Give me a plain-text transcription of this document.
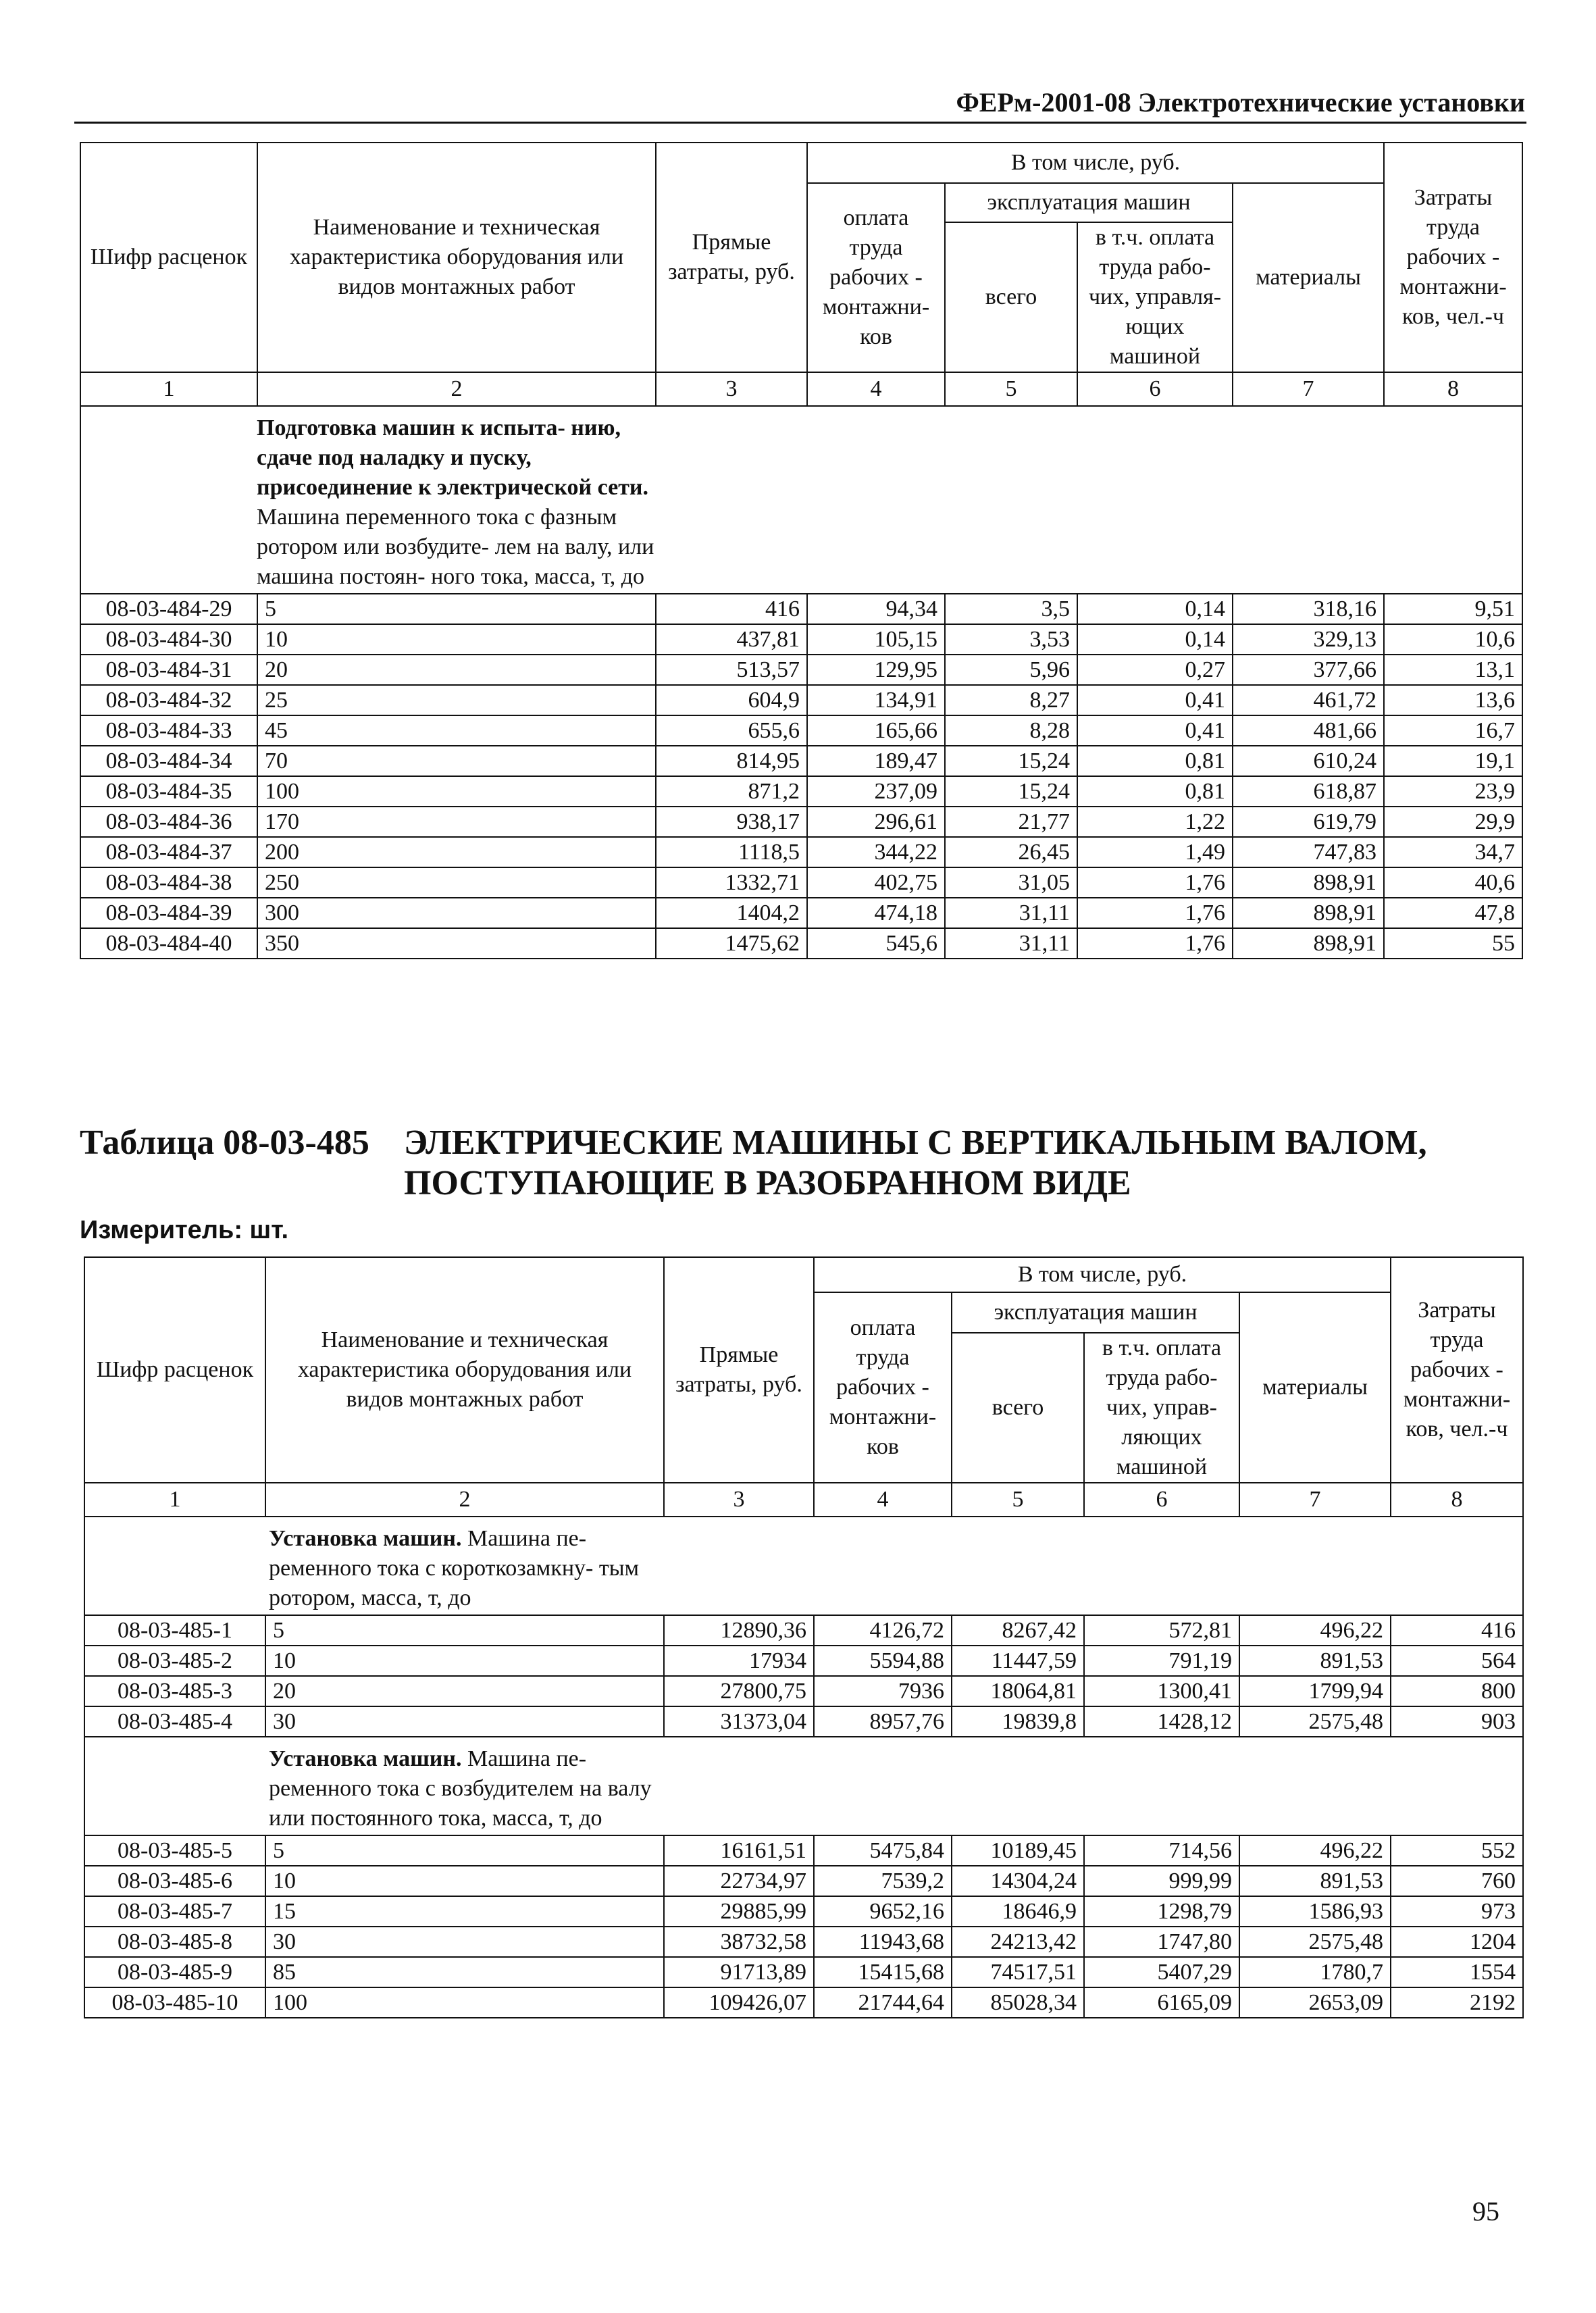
ФЕРм-2001-08 Электротехнические установки
Шифр расценок	Наименование и техническая характеристика оборудования или видов монтажных работ	Прямые затраты, руб.	В том числе, руб.				Затраты труда рабочих - монтажни- ков, чел.-ч
			оплата труда рабочих - монтажни- ков	эксплуатация машин		материалы	
				всего	в т.ч. оплата труда рабо- чих, управля- ющих машиной		
1	2	3	4	5	6	7	8

Подготовка машин к испыта- нию, сдаче под наладку и пуску, присоединение к электрической сети. Машина переменного тока с фазным ротором или возбудите- лем на валу, или машина постоян- ного тока, масса, т, до							

08-03-484-29	5	416	94,34	3,5	0,14	318,16	9,51
08-03-484-30	10	437,81	105,15	3,53	0,14	329,13	10,6
08-03-484-31	20	513,57	129,95	5,96	0,27	377,66	13,1
08-03-484-32	25	604,9	134,91	8,27	0,41	461,72	13,6
08-03-484-33	45	655,6	165,66	8,28	0,41	481,66	16,7
08-03-484-34	70	814,95	189,47	15,24	0,81	610,24	19,1
08-03-484-35	100	871,2	237,09	15,24	0,81	618,87	23,9
08-03-484-36	170	938,17	296,61	21,77	1,22	619,79	29,9
08-03-484-37	200	1118,5	344,22	26,45	1,49	747,83	34,7
08-03-484-38	250	1332,71	402,75	31,05	1,76	898,91	40,6
08-03-484-39	300	1404,2	474,18	31,11	1,76	898,91	47,8
08-03-484-40	350	1475,62	545,6	31,11	1,76	898,91	55
Таблица 08-03-485 ЭЛЕКТРИЧЕСКИЕ МАШИНЫ С ВЕРТИКАЛЬНЫМ ВАЛОМ, ПОСТУПАЮЩИЕ В РАЗОБРАННОМ ВИДЕ
Измеритель: шт.
Шифр расценок	Наименование и техническая характеристика оборудования или видов монтажных работ	Прямые затраты, руб.	В том числе, руб.				Затраты труда рабочих - монтажни- ков, чел.-ч
			оплата труда рабочих - монтажни- ков	эксплуатация машин		материалы	
				всего	в т.ч. оплата труда рабо- чих, управ- ляющих машиной		
1	2	3	4	5	6	7	8

Установка машин. Машина пе- ременного тока с короткозамкну- тым ротором, масса, т, до							

08-03-485-1	5	12890,36	4126,72	8267,42	572,81	496,22	416
08-03-485-2	10	17934	5594,88	11447,59	791,19	891,53	564
08-03-485-3	20	27800,75	7936	18064,81	1300,41	1799,94	800
08-03-485-4	30	31373,04	8957,76	19839,8	1428,12	2575,48	903

Установка машин. Машина пе- ременного тока с возбудителем на валу или постоянного тока, масса, т, до							

08-03-485-5	5	16161,51	5475,84	10189,45	714,56	496,22	552
08-03-485-6	10	22734,97	7539,2	14304,24	999,99	891,53	760
08-03-485-7	15	29885,99	9652,16	18646,9	1298,79	1586,93	973
08-03-485-8	30	38732,58	11943,68	24213,42	1747,80	2575,48	1204
08-03-485-9	85	91713,89	15415,68	74517,51	5407,29	1780,7	1554
08-03-485-10	100	109426,07	21744,64	85028,34	6165,09	2653,09	2192
95
